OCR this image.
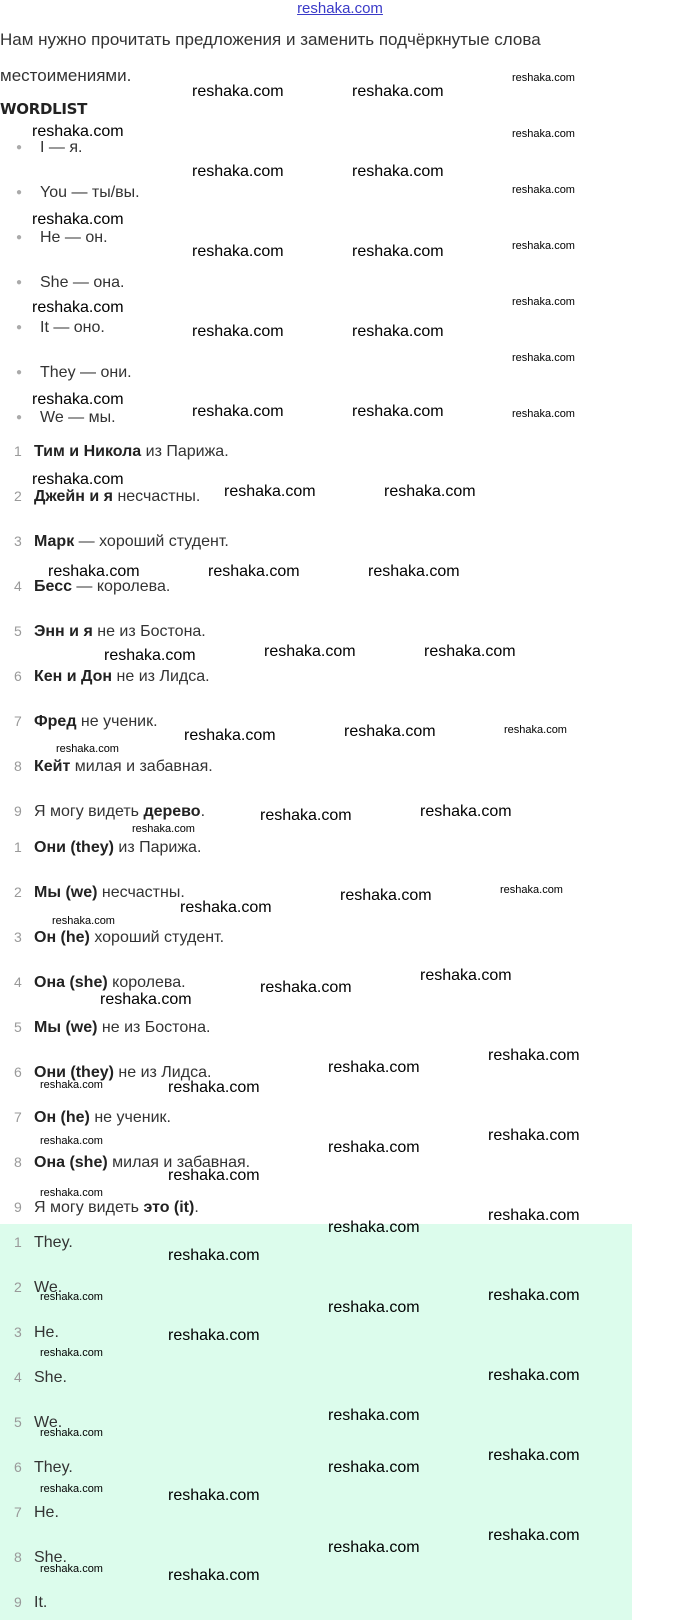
reshaka.com
Нам нужно прочитать предложения и заменить подчёркнутые слова
местоимениями.
WORDLIST
● I — я.
● You — ты/вы.
● He — он.
● She — она.
● It — оно.
● They — они.
● We — мы.
1 Тим и Никола из Парижа.
2 Джейн и я несчастны.
3 Марк — хороший студент.
4 Бесс — королева.
5 Энн и я не из Бостона.
6 Кен и Дон не из Лидса.
7 Фред не ученик.
8 Кейт милая и забавная.
9 Я могу видеть дерево.
1 Они (they) из Парижа.
2 Мы (we) несчастны.
3 Он (he) хороший студент.
4 Она (she) королева.
5 Мы (we) не из Бостона.
6 Они (they) не из Лидса.
7 Он (he) не ученик.
8 Она (she) милая и забавная.
9 Я могу видеть это (it).
1 They.
2 We.
3 He.
4 She.
5 We.
6 They.
7 He.
8 She.
9 It.
reshaka.com	reshaka.com
reshaka.com
reshaka.com	reshaka.com
reshaka.com	reshaka.com
reshaka.com
reshaka.com
reshaka.com
reshaka.com	reshaka.com
reshaka.com	reshaka.com
reshaka.com	reshaka.com
reshaka.com
reshaka.com
reshaka.com	reshaka.com	reshaka.com
reshaka.com
reshaka.com	reshaka.com
reshaka.com	reshaka.com	reshaka.com
reshaka.com	reshaka.com	reshaka.com
reshaka.com	reshaka.com	reshaka.com
reshaka.com
reshaka.com	reshaka.com
reshaka.com
reshaka.com
reshaka.com	reshaka.com
reshaka.com
reshaka.com
reshaka.com
reshaka.com
reshaka.com
reshaka.com
reshaka.com	reshaka.com
reshaka.com
reshaka.com
reshaka.com
reshaka.com
reshaka.com
reshaka.com
reshaka.com
reshaka.com
reshaka.com	reshaka.com
reshaka.com
reshaka.com
reshaka.com
reshaka.com
reshaka.com
reshaka.com
reshaka.com
reshaka.com
reshaka.com	reshaka.com
reshaka.com
reshaka.com
reshaka.com	reshaka.com
